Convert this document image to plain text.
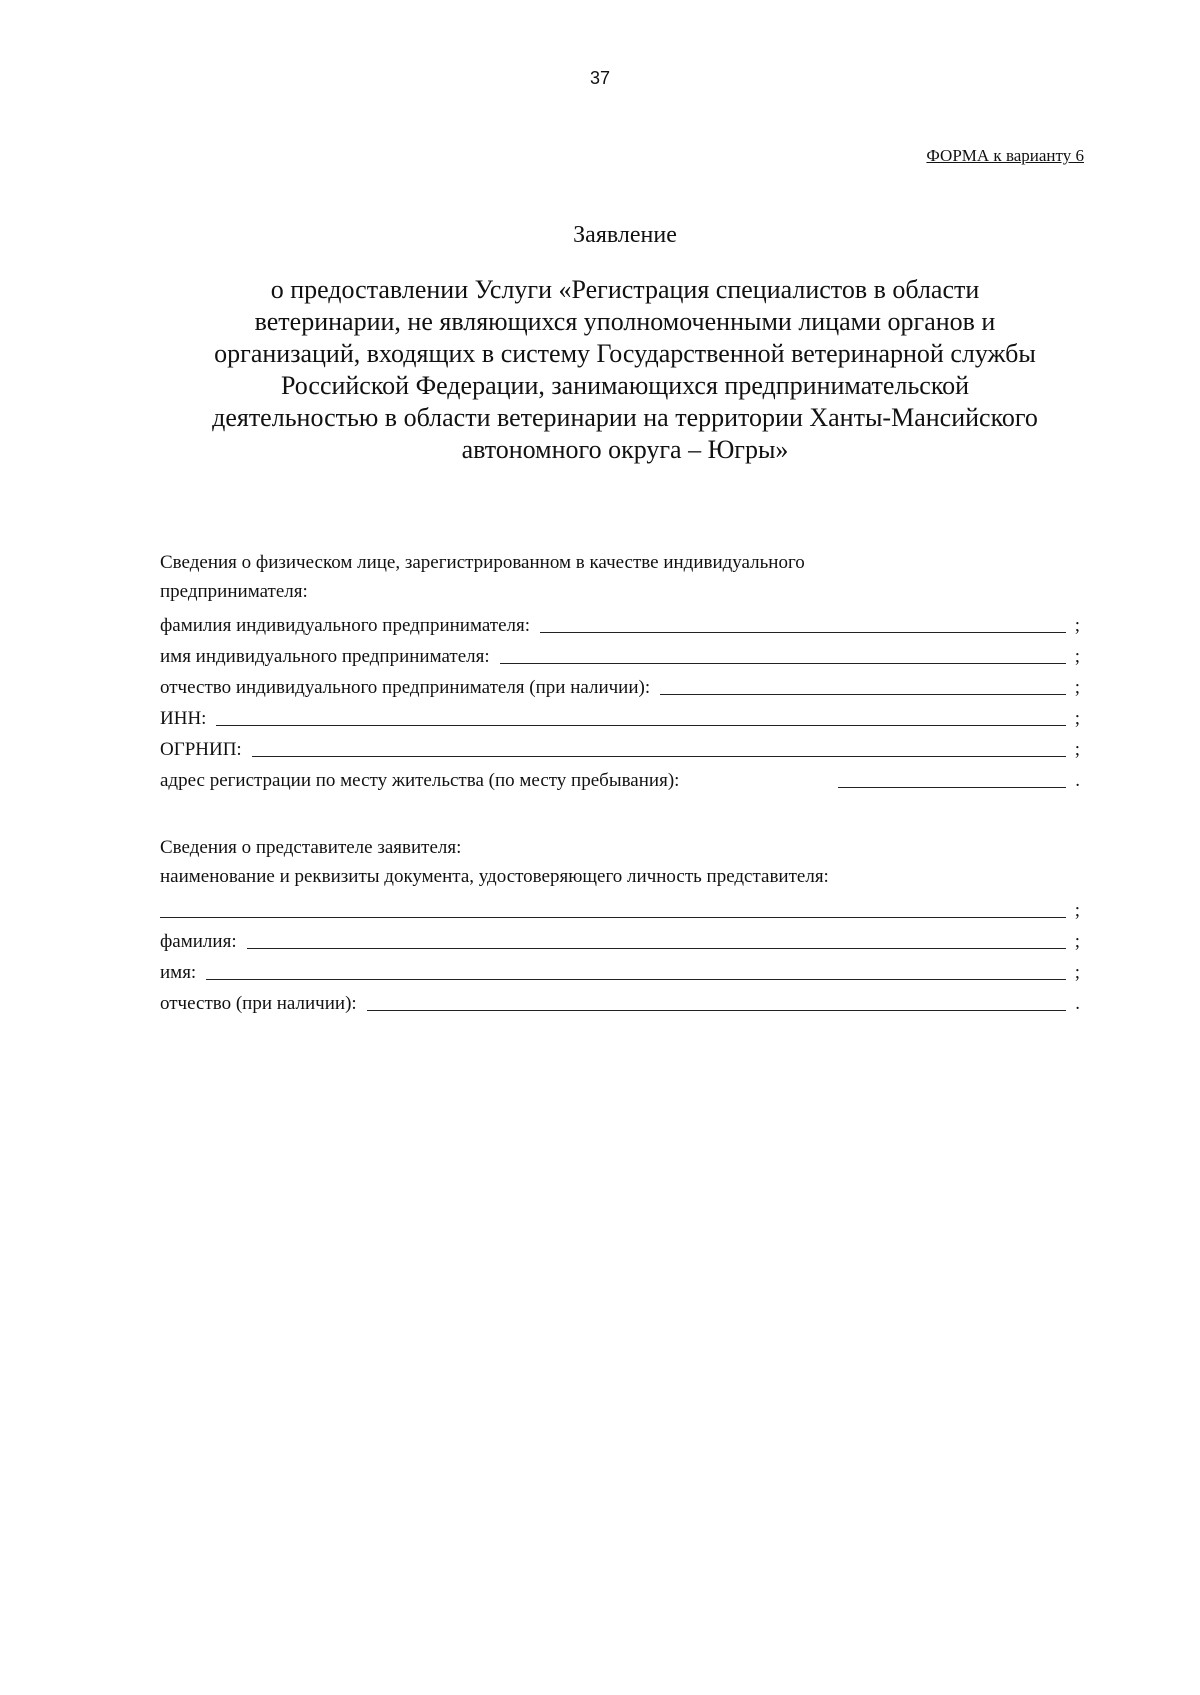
37
ФОРМА к варианту 6
Заявление
о предоставлении Услуги «Регистрация специалистов в области
ветеринарии, не являющихся уполномоченными лицами органов и
организаций, входящих в систему Государственной ветеринарной службы
Российской Федерации, занимающихся предпринимательской
деятельностью в области ветеринарии на территории Ханты-Мансийского
автономного округа – Югры»
Сведения о физическом лице, зарегистрированном в качестве индивидуального
предпринимателя:
фамилия индивидуального предпринимателя:	;
имя индивидуального предпринимателя:	;
отчество индивидуального предпринимателя (при наличии):	;
ИНН:	;
ОГРНИП:	;
адрес регистрации по месту жительства (по месту пребывания):	.
Сведения о представителе заявителя:
наименование и реквизиты документа, удостоверяющего личность представителя:
;
фамилия:	;
имя:	;
отчество (при наличии):	.
